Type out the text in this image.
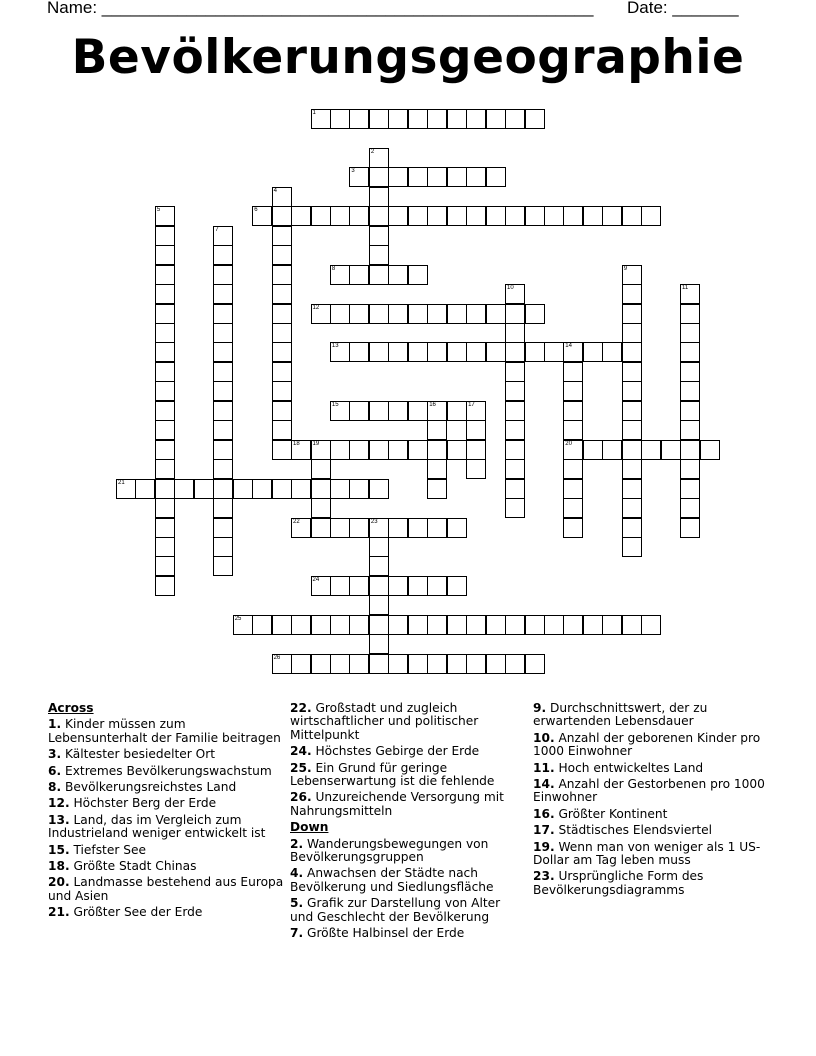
Name: ____________________________________________________ Date: _______
Bevölkerungsgeographie
1
2
3
4
5	6
7
8	9
10	11
12
13	14
20
15	16	17
18 19
21
22	23
24
25
26
Across
1. Kinder müssen zum Lebensunterhalt der Familie beitragen
3. Kältester besiedelter Ort
6. Extremes Bevölkerungswachstum
8. Bevölkerungsreichstes Land
12. Höchster Berg der Erde
13. Land, das im Vergleich zum Industrieland weniger entwickelt ist
15. Tiefster See
18. Größte Stadt Chinas
20. Landmasse bestehend aus Europa und Asien
21. Größter See der Erde
22. Großstadt und zugleich wirtschaftlicher und politischer Mittelpunkt
24. Höchstes Gebirge der Erde
25. Ein Grund für geringe Lebenserwartung ist die fehlende
26. Unzureichende Versorgung mit Nahrungsmitteln
Down
2. Wanderungsbewegungen von Bevölkerungsgruppen
4. Anwachsen der Städte nach Bevölkerung und Siedlungsfläche
5. Grafik zur Darstellung von Alter und Geschlecht der Bevölkerung
7. Größte Halbinsel der Erde
9. Durchschnittswert, der zu erwartenden Lebensdauer
10. Anzahl der geborenen Kinder pro 1000 Einwohner
11. Hoch entwickeltes Land
14. Anzahl der Gestorbenen pro 1000 Einwohner
16. Größter Kontinent
17. Städtisches Elendsviertel
19. Wenn man von weniger als 1 US-Dollar am Tag leben muss
23. Ursprüngliche Form des Bevölkerungsdiagramms
